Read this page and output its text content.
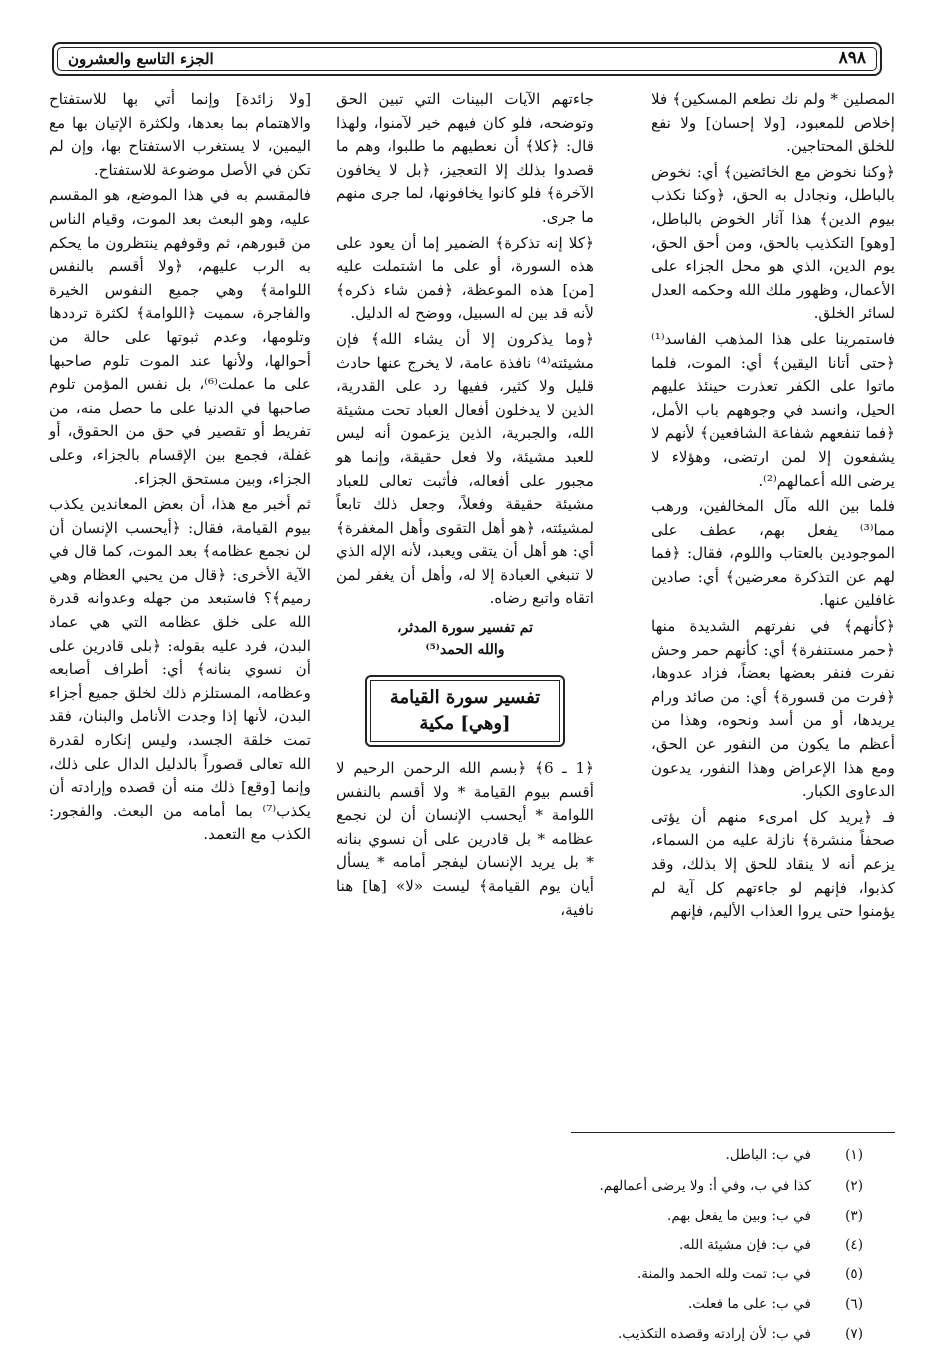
٨٩٨
الجزء التاسع والعشرون

المصلين * ولم نك نطعم المسكين﴾ فلا إخلاص للمعبود، [ولا إحسان] ولا نفع للخلق المحتاجين.

﴿وكنا نخوض مع الخائضين﴾ أي: نخوض بالباطل، ونجادل به الحق، ﴿وكنا نكذب بيوم الدين﴾ هذا آثار الخوض بالباطل، [وهو] التكذيب بالحق، ومن أحق الحق، يوم الدين، الذي هو محل الجزاء على الأعمال، وظهور ملك الله وحكمه العدل لسائر الخلق.

فاستمرينا على هذا المذهب الفاسد⁽¹⁾ ﴿حتى أتانا اليقين﴾ أي: الموت، فلما ماتوا على الكفر تعذرت حينئذ عليهم الحيل، وانسد في وجوههم باب الأمل، ﴿فما تنفعهم شفاعة الشافعين﴾ لأنهم لا يشفعون إلا لمن ارتضى، وهؤلاء لا يرضى الله أعمالهم⁽²⁾.

فلما بين الله مآل المخالفين، ورهب مما⁽³⁾ يفعل بهم، عطف على الموجودين بالعتاب واللوم، فقال: ﴿فما لهم عن التذكرة معرضين﴾ أي: صادين غافلين عنها.

﴿كأنهم﴾ في نفرتهم الشديدة منها ﴿حمر مستنفرة﴾ أي: كأنهم حمر وحش نفرت فنفر بعضها بعضاً، فزاد عدوها، ﴿فرت من قسورة﴾ أي: من صائد ورام يريدها، أو من أسد ونحوه، وهذا من أعظم ما يكون من النفور عن الحق، ومع هذا الإعراض وهذا النفور، يدعون الدعاوى الكبار.

فـ ﴿يريد كل امرىء منهم أن يؤتى صحفاً منشرة﴾ نازلة عليه من السماء، يزعم أنه لا ينقاد للحق إلا بذلك، وقد كذبوا، فإنهم لو جاءتهم كل آية لم يؤمنوا حتى يروا العذاب الأليم، فإنهم

جاءتهم الآيات البينات التي تبين الحق وتوضحه، فلو كان فيهم خير لآمنوا، ولهذا قال: ﴿كلا﴾ أن نعطيهم ما طلبوا، وهم ما قصدوا بذلك إلا التعجيز، ﴿بل لا يخافون الآخرة﴾ فلو كانوا يخافونها، لما جرى منهم ما جرى.

﴿كلا إنه تذكرة﴾ الضمير إما أن يعود على هذه السورة، أو على ما اشتملت عليه [من] هذه الموعظة، ﴿فمن شاء ذكره﴾ لأنه قد بين له السبيل، ووضح له الدليل.

﴿وما يذكرون إلا أن يشاء الله﴾ فإن مشيئته⁽⁴⁾ نافذة عامة، لا يخرج عنها حادث قليل ولا كثير، ففيها رد على القدرية، الذين لا يدخلون أفعال العباد تحت مشيئة الله، والجبرية، الذين يزعمون أنه ليس للعبد مشيئة، ولا فعل حقيقة، وإنما هو مجبور على أفعاله، فأثبت تعالى للعباد مشيئة حقيقة وفعلاً، وجعل ذلك تابعاً لمشيئته، ﴿هو أهل التقوى وأهل المغفرة﴾ أي: هو أهل أن يتقى ويعبد، لأنه الإله الذي لا تنبغي العبادة إلا له، وأهل أن يغفر لمن اتقاه واتبع رضاه.

تم تفسير سورة المدثر،
والله الحمد⁽⁵⁾
تفسير سورة القيامة
[وهي] مكية

﴿1 ـ 6﴾ ﴿بسم الله الرحمن الرحيم لا أقسم بيوم القيامة * ولا أقسم بالنفس اللوامة * أيحسب الإنسان أن لن نجمع عظامه * بل قادرين على أن نسوي بنانه * بل يريد الإنسان ليفجر أمامه * يسأل أيان يوم القيامة﴾ ليست «لا» [ها] هنا نافية،

[ولا زائدة] وإنما أتي بها للاستفتاح والاهتمام بما بعدها، ولكثرة الإتيان بها مع اليمين، لا يستغرب الاستفتاح بها، وإن لم تكن في الأصل موضوعة للاستفتاح.

فالمقسم به في هذا الموضع، هو المقسم عليه، وهو البعث بعد الموت، وقيام الناس من قبورهم، ثم وقوفهم ينتظرون ما يحكم به الرب عليهم، ﴿ولا أقسم بالنفس اللوامة﴾ وهي جميع النفوس الخيرة والفاجرة، سميت ﴿اللوامة﴾ لكثرة ترددها وتلومها، وعدم ثبوتها على حالة من أحوالها، ولأنها عند الموت تلوم صاحبها على ما عملت⁽⁶⁾، بل نفس المؤمن تلوم صاحبها في الدنيا على ما حصل منه، من تفريط أو تقصير في حق من الحقوق، أو غفلة، فجمع بين الإقسام بالجزاء، وعلى الجزاء، وبين مستحق الجزاء.

ثم أخبر مع هذا، أن بعض المعاندين يكذب بيوم القيامة، فقال: ﴿أيحسب الإنسان أن لن نجمع عظامه﴾ بعد الموت، كما قال في الآية الأخرى: ﴿قال من يحيي العظام وهي رميم﴾؟ فاستبعد من جهله وعدوانه قدرة الله على خلق عظامه التي هي عماد البدن، فرد عليه بقوله: ﴿بلى قادرين على أن نسوي بنانه﴾ أي: أطراف أصابعه وعظامه، المستلزم ذلك لخلق جميع أجزاء البدن، لأنها إذا وجدت الأنامل والبنان، فقد تمت خلقة الجسد، وليس إنكاره لقدرة الله تعالى قصوراً بالدليل الدال على ذلك، وإنما [وقع] ذلك منه أن قصده وإرادته أن يكذب⁽⁷⁾ بما أمامه من البعث. والفجور: الكذب مع التعمد.

(١)في ب: الباطل.
(٢)كذا في ب، وفي أ: ولا يرضى أعمالهم.
(٣)في ب: وبين ما يفعل بهم.
(٤)في ب: فإن مشيئة الله.
(٥)في ب: تمت ولله الحمد والمنة.
(٦)في ب: على ما فعلت.
(٧)في ب: لأن إرادته وقصده التكذيب.
